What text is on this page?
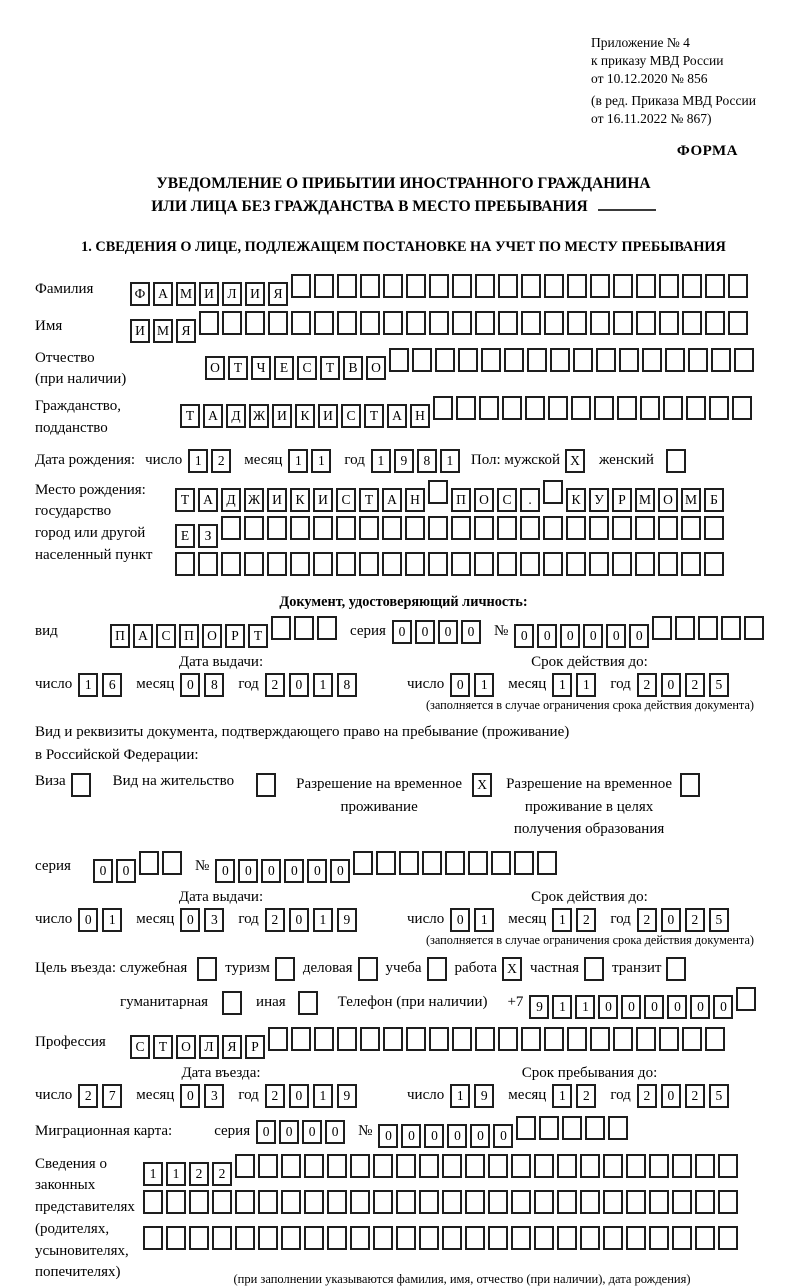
Приложение № 4
к приказу МВД России
от 10.12.2020 № 856
(в ред. Приказа МВД России
от 16.11.2022 № 867)
ФОРМА
УВЕДОМЛЕНИЕ О ПРИБЫТИИ ИНОСТРАННОГО ГРАЖДАНИНА
ИЛИ ЛИЦА БЕЗ ГРАЖДАНСТВА В МЕСТО ПРЕБЫВАНИЯ
1. СВЕДЕНИЯ О ЛИЦЕ, ПОДЛЕЖАЩЕМ ПОСТАНОВКЕ НА УЧЕТ ПО МЕСТУ ПРЕБЫВАНИЯ
Фамилия	Ф А М И Л И Я
Имя	И М Я
Отчество
(при наличии)
О Т Ч Е С Т В О
Гражданство,
подданство
Т А Д Ж И К И С Т А Н
Дата рождения: число 1 2	месяц 1 1	год 1 9 8 1	Пол: мужской X	женский
Место рождения:
государство
город или другой
населенный пункт
Т А Д Ж И К И С Т А Н	П О С .	К У Р М О М Б
Е З
Документ, удостоверяющий личность:
вид	П А С П О Р Т	серия 0 0 0 0	№ 0 0 0 0 0 0
Дата выдачи:	Срок действия до:
число 1 6	месяц 0 8	год 2 0 1 8	число 0 1	месяц 1 1	год 2 0 2 5
(заполняется в случае ограничения срока действия документа)
Вид и реквизиты документа, подтверждающего право на пребывание (проживание)
в Российской Федерации:
Виза	Вид на жительство	Разрешение на временное
проживание
X	Разрешение на временное
проживание в целях
получения образования
серия	0 0	№ 0 0 0 0 0 0
Дата выдачи:	Срок действия до:
число 0 1	месяц 0 3	год 2 0 1 9	число 0 1	месяц 1 2	год 2 0 2 5
(заполняется в случае ограничения срока действия документа)
Цель въезда: служебная	туризм деловая учеба работа X частная транзит
гуманитарная	иная	Телефон (при наличии) +7 9 1 1 0 0 0 0 0 0
Профессия	С Т О Л Я Р
Дата въезда:	Срок пребывания до:
число 2 7	месяц 0 3	год 2 0 1 9	число 1 9	месяц 1 2	год 2 0 2 5
Миграционная карта:	серия 0 0 0 0	№ 0 0 0 0 0 0
Сведения о
законных
представителях
(родителях,
усыновителях,
попечителях)
1 1 2 2
(при заполнении указываются фамилия, имя, отчество (при наличии), дата рождения)
